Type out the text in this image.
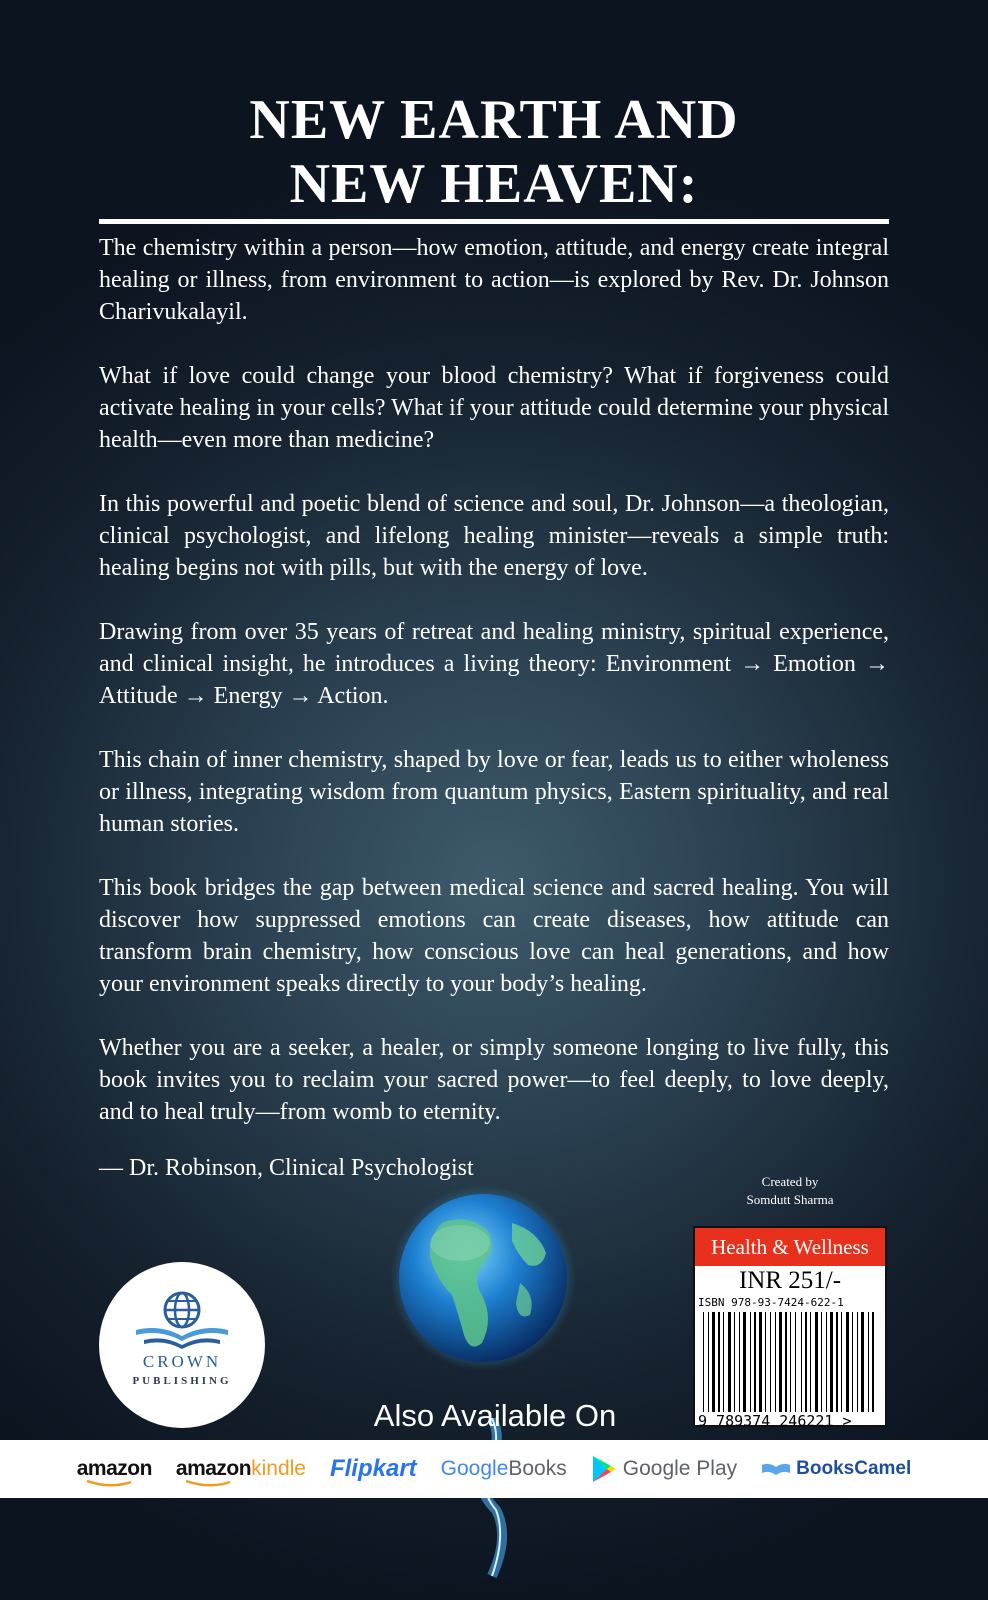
NEW EARTH AND
NEW HEAVEN:

The chemistry within a person—how emotion, attitude, and energy create integral healing or illness, from environment to action—is explored by Rev. Dr. Johnson Charivukalayil.

What if love could change your blood chemistry? What if forgiveness could activate healing in your cells? What if your attitude could determine your physical health—even more than medicine?

In this powerful and poetic blend of science and soul, Dr. Johnson—a theologian, clinical psychologist, and lifelong healing minister—reveals a simple truth: healing begins not with pills, but with the energy of love.

Drawing from over 35 years of retreat and healing ministry, spiritual experience, and clinical insight, he introduces a living theory: Environment → Emotion → Attitude → Energy → Action.

This chain of inner chemistry, shaped by love or fear, leads us to either wholeness or illness, integrating wisdom from quantum physics, Eastern spirituality, and real human stories.

This book bridges the gap between medical science and sacred healing. You will discover how suppressed emotions can create diseases, how attitude can transform brain chemistry, how conscious love can heal generations, and how your environment speaks directly to your body’s healing.

Whether you are a seeker, a healer, or simply someone longing to live fully, this book invites you to reclaim your sacred power—to feel deeply, to love deeply, and to heal truly—from womb to eternity.

— Dr. Robinson, Clinical Psychologist
Created by
Somdutt Sharma
Health & Wellness
INR 251/-
ISBN 978-93-7424-622-1
9 789374 246221 >
CROWN
PUBLISHING
Also Available On
amazon amazon kindle Flipkart Google Books	Google Play	BooksCamel
